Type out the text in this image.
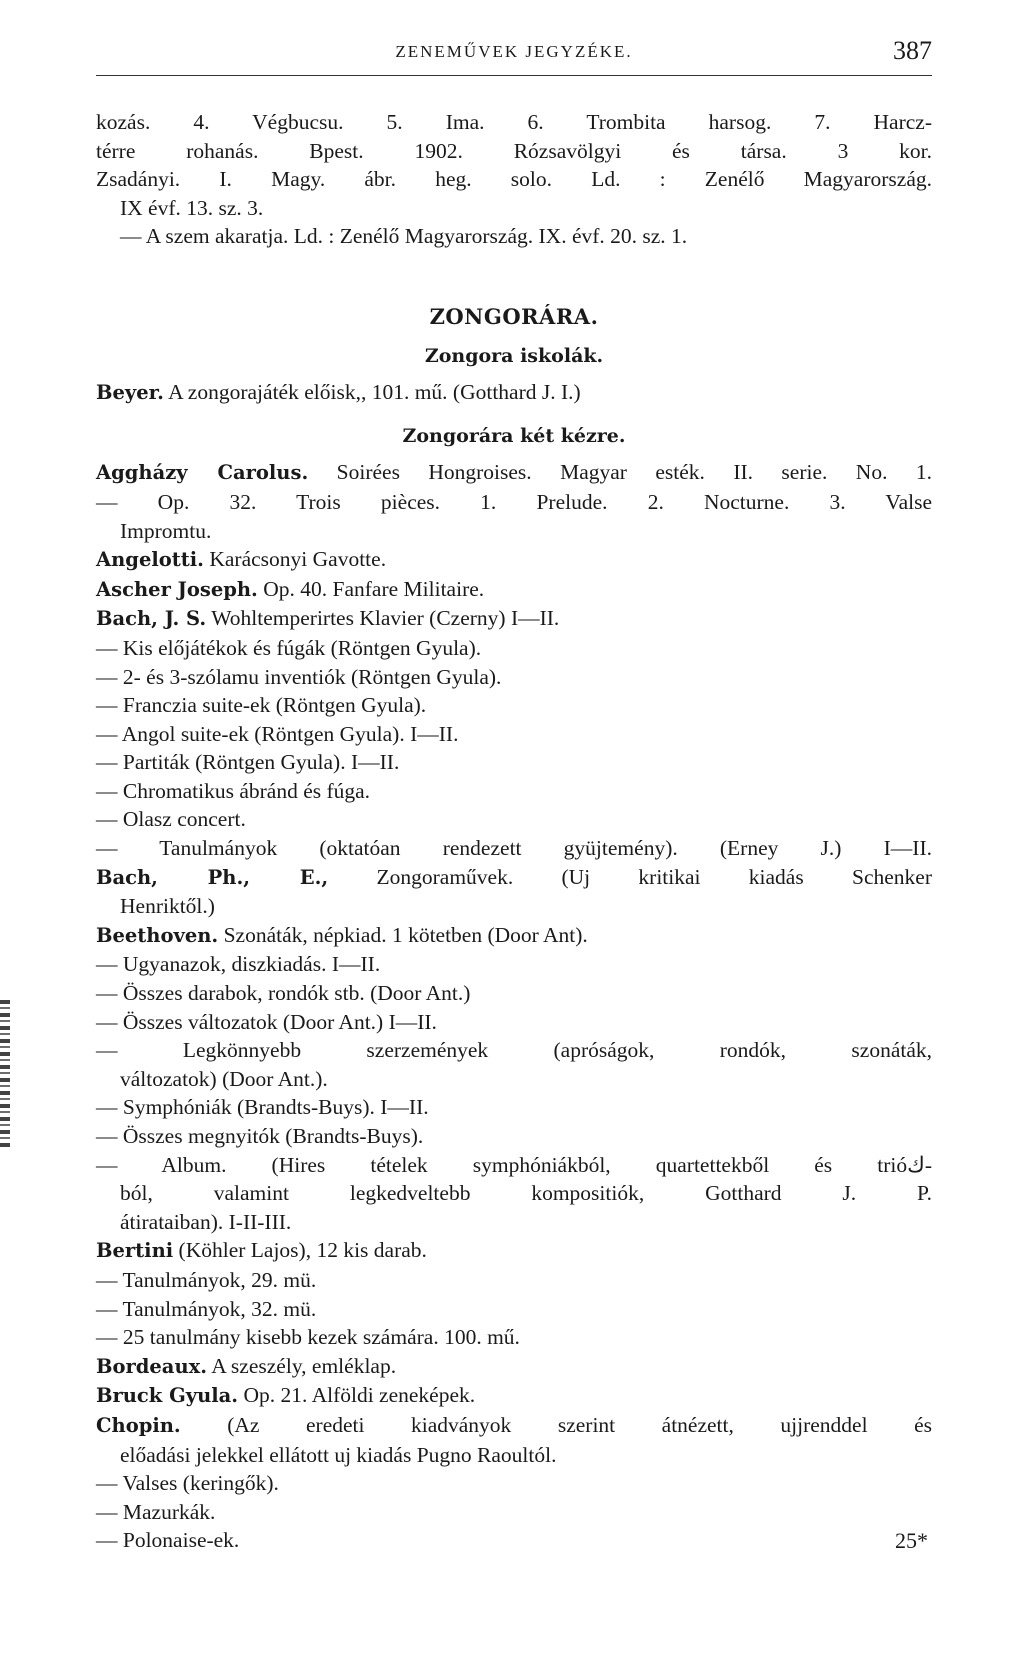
ZENEMŰVEK JEGYZÉKE.	387
kozás. 4. Végbucsu. 5. Ima. 6. Trombita harsog. 7. Harcz-
térre rohanás. Bpest. 1902. Rózsavölgyi és társa. 3 kor.
Zsadányi. I. Magy. ábr. heg. solo. Ld. : Zenélő Magyarország.
IX évf. 13. sz. 3.
— A szem akaratja. Ld. : Zenélő Magyarország. IX. évf. 20. sz. 1.
ZONGORÁRA.
Zongora iskolák.
Beyer. A zongorajáték előisk,, 101. mű. (Gotthard J. I.)
Zongorára két kézre.
Aggházy Carolus. Soirées Hongroises. Magyar esték. II. serie. No. 1.
— Op. 32. Trois pièces. 1. Prelude. 2. Nocturne. 3. Valse
Impromtu.
Angelotti. Karácsonyi Gavotte.
Ascher Joseph. Op. 40. Fanfare Militaire.
Bach, J. S. Wohltemperirtes Klavier (Czerny) I—II.
— Kis előjátékok és fúgák (Röntgen Gyula).
— 2- és 3-szólamu inventiók (Röntgen Gyula).
— Franczia suite-ek (Röntgen Gyula).
— Angol suite-ek (Röntgen Gyula). I—II.
— Partiták (Röntgen Gyula). I—II.
— Chromatikus ábránd és fúga.
— Olasz concert.
— Tanulmányok (oktatóan rendezett gyüjtemény). (Erney J.) I—II.
Bach, Ph., E., Zongoraművek. (Uj kritikai kiadás Schenker
Henriktől.)
Beethoven. Szonáták, népkiad. 1 kötetben (Door Ant).
— Ugyanazok, diszkiadás. I—II.
— Összes darabok, rondók stb. (Door Ant.)
— Összes változatok (Door Ant.) I—II.
— Legkönnyebb szerzemények (apróságok, rondók, szonáták,
változatok) (Door Ant.).
— Symphóniák (Brandts-Buys). I—II.
— Összes megnyitók (Brandts-Buys).
— Album. (Hires tételek symphóniákból, quartettekből és trióك-
ból, valamint legkedveltebb kompositiók, Gotthard J. P.
átirataiban). I-II-III.
Bertini (Köhler Lajos), 12 kis darab.
— Tanulmányok, 29. mü.
— Tanulmányok, 32. mü.
— 25 tanulmány kisebb kezek számára. 100. mű.
Bordeaux. A szeszély, emléklap.
Bruck Gyula. Op. 21. Alföldi zeneképek.
Chopin. (Az eredeti kiadványok szerint átnézett, ujjrenddel és
előadási jelekkel ellátott uj kiadás Pugno Raoultól.
— Valses (keringők).
— Mazurkák.
— Polonaise-ek.	25*
